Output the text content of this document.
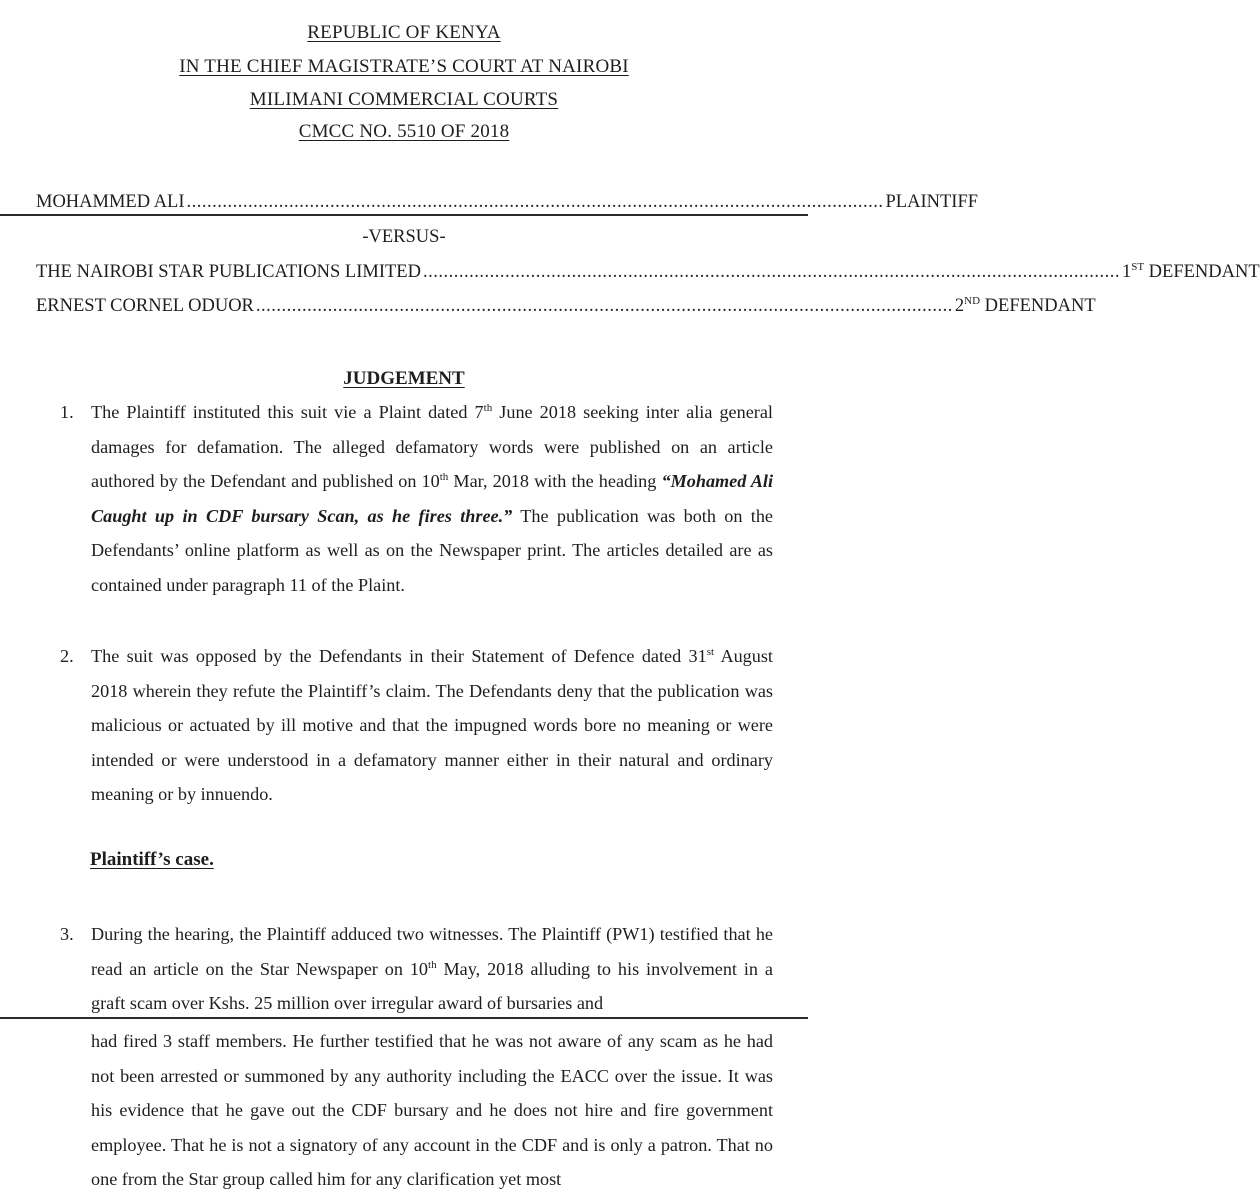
REPUBLIC OF KENYA
IN THE CHIEF MAGISTRATE’S COURT AT NAIROBI
MILIMANI COMMERCIAL COURTS
CMCC NO. 5510 OF 2018
MOHAMMED ALI ........................................................................................................................................ PLAINTIFF
-VERSUS-
THE NAIROBI STAR PUBLICATIONS LIMITED ........................................................................................................................................ 1ST DEFENDANT
ERNEST CORNEL ODUOR ........................................................................................................................................ 2ND DEFENDANT
JUDGEMENT
1. The Plaintiff instituted this suit vie a Plaint dated 7th June 2018 seeking inter alia general damages for defamation. The alleged defamatory words were published on an article authored by the Defendant and published on 10th Mar, 2018 with the heading “Mohamed Ali Caught up in CDF bursary Scan, as he fires three.” The publication was both on the Defendants’ online platform as well as on the Newspaper print. The articles detailed are as contained under paragraph 11 of the Plaint.
2. The suit was opposed by the Defendants in their Statement of Defence dated 31st August 2018 wherein they refute the Plaintiff’s claim. The Defendants deny that the publication was malicious or actuated by ill motive and that the impugned words bore no meaning or were intended or were understood in a defamatory manner either in their natural and ordinary meaning or by innuendo.
Plaintiff’s case.
3. During the hearing, the Plaintiff adduced two witnesses. The Plaintiff (PW1) testified that he read an article on the Star Newspaper on 10th May, 2018 alluding to his involvement in a graft scam over Kshs. 25 million over irregular award of bursaries and
had fired 3 staff members. He further testified that he was not aware of any scam as he had not been arrested or summoned by any authority including the EACC over the issue. It was his evidence that he gave out the CDF bursary and he does not hire and fire government employee. That he is not a signatory of any account in the CDF and is only a patron. That no one from the Star group called him for any clarification yet most
